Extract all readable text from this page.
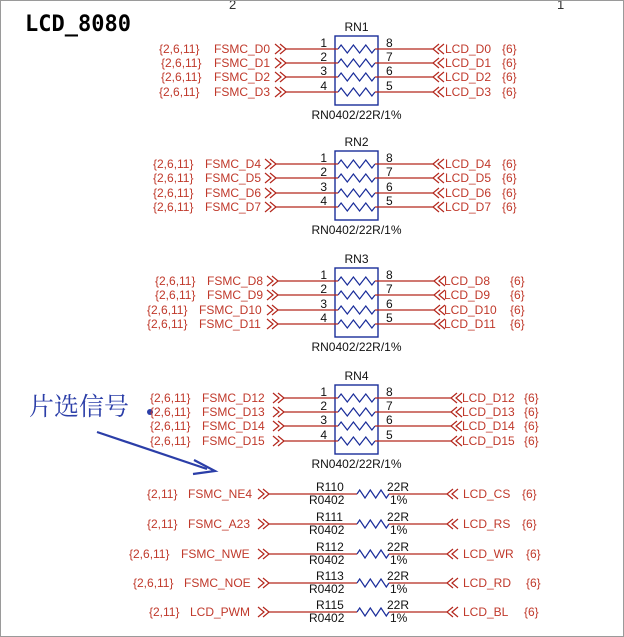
LCD_8080
2	1
片选信号
RN1
RN0402/22R/1%
1	8
{2,6,11} FSMC_D0	LCD_D0 {6}
2	7
{2,6,11} FSMC_D1	LCD_D1 {6}
3	6
{2,6,11} FSMC_D2	LCD_D2 {6}
4	5
{2,6,11} FSMC_D3	LCD_D3 {6}
RN2
RN0402/22R/1%
1	8
{2,6,11} FSMC_D4	LCD_D4 {6}
2	7
{2,6,11} FSMC_D5	LCD_D5 {6}
3	6
{2,6,11} FSMC_D6	LCD_D6 {6}
4	5
{2,6,11} FSMC_D7	LCD_D7 {6}
RN3
RN0402/22R/1%
1	8
{2,6,11} FSMC_D8	LCD_D8 {6}
2	7
{2,6,11} FSMC_D9	LCD_D9 {6}
3	6
{2,6,11} FSMC_D10	LCD_D10 {6}
4	5
{2,6,11} FSMC_D11	LCD_D11 {6}
RN4
RN0402/22R/1%
1	8
{2,6,11} FSMC_D12	LCD_D12 {6}
2	7
{2,6,11} FSMC_D13	LCD_D13 {6}
3	6
{2,6,11} FSMC_D14	LCD_D14 {6}
4	5
{2,6,11} FSMC_D15	LCD_D15 {6}
R110	22R
R0402	1%
{2,11} FSMC_NE4	LCD_CS {6}
R111	22R
R0402	1%
{2,11} FSMC_A23	LCD_RS {6}
R112	22R
R0402	1%
{2,6,11} FSMC_NWE	LCD_WR {6}
R113	22R
R0402	1%
{2,6,11} FSMC_NOE	LCD_RD {6}
R115	22R
R0402	1%
{2,11} LCD_PWM	LCD_BL {6}
